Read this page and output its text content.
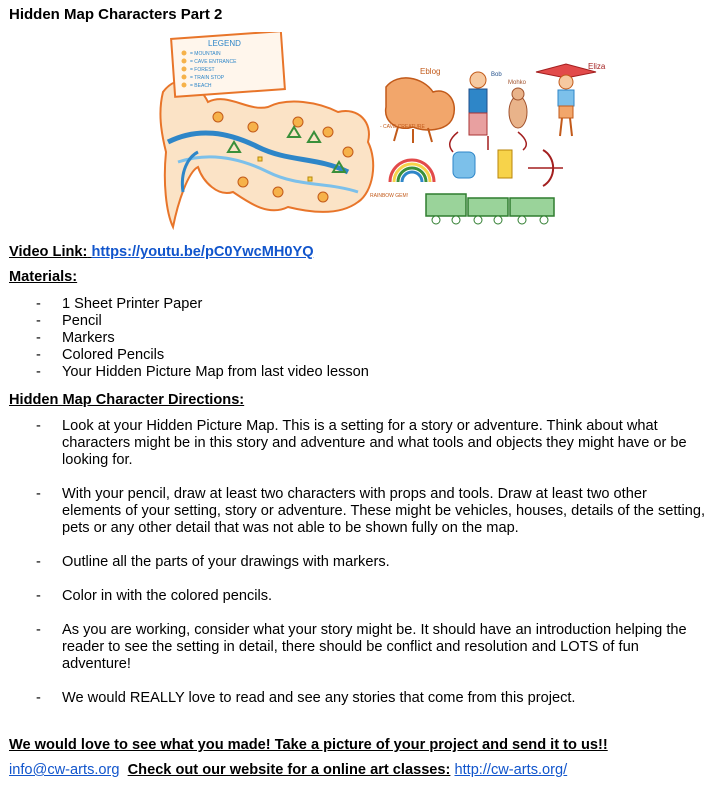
Hidden Map Characters Part 2
LEGEND
= MOUNTAIN
= CAVE ENTRANCE
= FOREST
= TRAIN STOP
= BEACH
Eblog
- CAVE CREATURE
Bob
Mohko
Eliza
RAINBOW GEM!
Video Link: https://youtu.be/pC0YwcMH0YQ
Materials:
- 1 Sheet Printer Paper
- Pencil
- Markers
- Colored Pencils
- Your Hidden Picture Map from last video lesson
Hidden Map Character Directions:
- Look at your Hidden Picture Map. This is a setting for a story or adventure. Think about what characters might be in this story and adventure and what tools and objects they might have or be looking for.
- With your pencil, draw at least two characters with props and tools. Draw at least two other elements of your setting, story or adventure. These might be vehicles, houses, details of the setting, pets or any other detail that was not able to be shown fully on the map.
- Outline all the parts of your drawings with markers.
- Color in with the colored pencils.
- As you are working, consider what your story might be. It should have an introduction helping the reader to see the setting in detail, there should be conflict and resolution and LOTS of fun adventure!
- We would REALLY love to read and see any stories that come from this project.
We would love to see what you made! Take a picture of your project and send it to us!!
info@cw-arts.org Check out our website for a online art classes: http://cw-arts.org/
